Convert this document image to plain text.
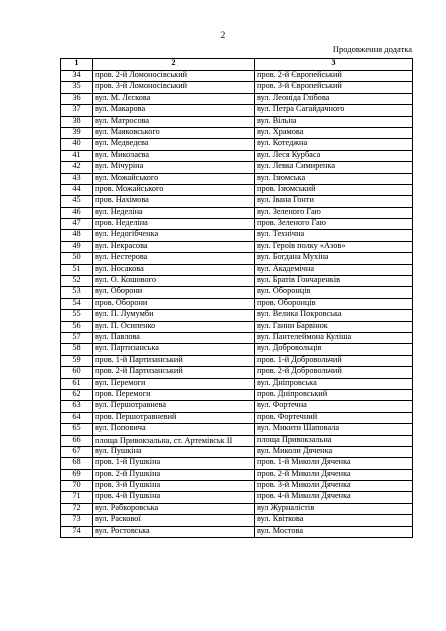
2
Продовження додатка
1	2	3
34	пров. 2-й Ломоносівський	пров. 2-й Європейський
35	пров. 3-й Ломоносівський	пров. 3-й Європейський
36	вул. М. Лєскова	вул. Леоніда Глібова
37	вул. Макарова	вул. Петра Сагайдачного
38	вул. Матросова	вул. Вільна
39	вул. Маяковського	вул. Храмова
40	вул. Медведєва	вул. Котеджна
41	вул. Миколаєва	вул. Леся Курбаса
42	вул. Мічуріна	вул. Левка Симиренка
43	вул. Можайського	вул. Ізюмська
44	пров. Можайського	пров. Ізюмський
45	пров. Нахімова	вул. Івана Гонти
46	вул. Неделіна	вул. Зеленого Гаю
47	пров. Неделіна	пров. Зеленого Гаю
48	вул. Недогібченка	вул. Технічна
49	вул. Некрасова	вул. Героїв полку «Азов»
50	вул. Нестерова	вул. Богдана Мухіна
51	вул. Носакова	вул. Академічна
52	вул. О. Кошового	вул. Братів Гончаренків
53	вул. Оборони	вул. Оборонців
54	пров. Оборони	пров. Оборонців
55	вул. П. Лумумби	вул. Велика Покровська
56	вул. П. Осипенко	вул. Ганни Барвінок
57	вул. Павлова	вул. Пантелеймона Куліша
58	вул. Партизанська	вул. Добровольців
59	пров. 1-й Партизанський	пров. 1-й Добровольчий
60	пров. 2-й Партизанський	пров. 2-й Добровольчий
61	вул. Перемоги	вул. Дніпровська
62	пров. Перемоги	пров. Дніпровський
63	вул. Першотравнева	вул. Фортечна
64	пров. Першотравневий	пров. Фортечний
65	вул. Поповича	вул. Микити Шаповала
66	площа Привокзальна, ст. Артемівськ ІІ	площа Привокзальна
67	вул. Пушкіна	вул. Миколи Дяченка
68	пров. 1-й Пушкіна	пров. 1-й Миколи Дяченка
69	пров. 2-й Пушкіна	пров. 2-й Миколи Дяченка
70	пров. 3-й Пушкіна	пров. 3-й Миколи Дяченка
71	пров. 4-й Пушкіна	пров. 4-й Миколи Дяченка
72	вул. Рабкоровська	вул Журналістів
73	вул. Раскової	вул. Квіткова
74	вул. Ростовська	вул. Мостова
